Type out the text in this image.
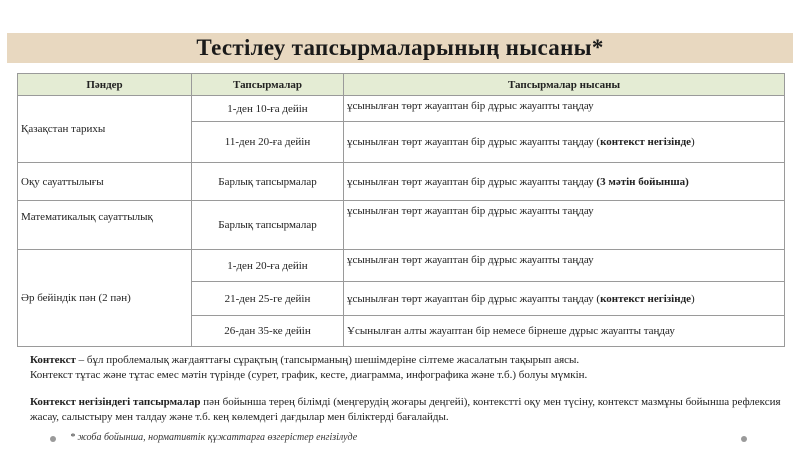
Тестілеу тапсырмаларының нысаны*
Пәндер	Тапсырмалар	Тапсырмалар нысаны
Қазақстан тарихы	1-ден 10-ға дейін	ұсынылған төрт жауаптан бір дұрыс жауапты таңдау
	11-ден 20-ға дейін	ұсынылған төрт жауаптан бір дұрыс жауапты таңдау (контекст негізінде)
Оқу сауаттылығы	Барлық тапсырмалар	ұсынылған төрт жауаптан бір дұрыс жауапты таңдау (3 мәтін бойынша)
Математикалық сауаттылық	Барлық тапсырмалар	ұсынылған төрт жауаптан бір дұрыс жауапты таңдау
Әр бейіндік пән (2 пән)	1-ден 20-ға дейін	ұсынылған төрт жауаптан бір дұрыс жауапты таңдау
	21-ден 25-ге дейін	ұсынылған төрт жауаптан бір дұрыс жауапты таңдау (контекст негізінде)
	26-дан 35-ке дейін	Ұсынылған алты жауаптан бір немесе бірнеше дұрыс жауапты таңдау

Контекст – бұл проблемалық жағдаяттағы сұрақтың (тапсырманың) шешімдеріне сілтеме жасалатын тақырып аясы.

Контекст тұтас және тұтас емес мәтін түрінде (сурет, график, кесте, диаграмма, инфографика және т.б.) болуы мүмкін.

Контекст негізіндегі тапсырмалар пән бойынша терең білімді (меңгерудің жоғары деңгейі), контекстті оқу мен түсіну, контекст мазмұны бойынша рефлексия жасау, салыстыру мен талдау және т.б. кең көлемдегі дағдылар мен біліктерді бағалайды.

* жоба бойынша, нормативтік құжаттарға өзгерістер енгізілуде
